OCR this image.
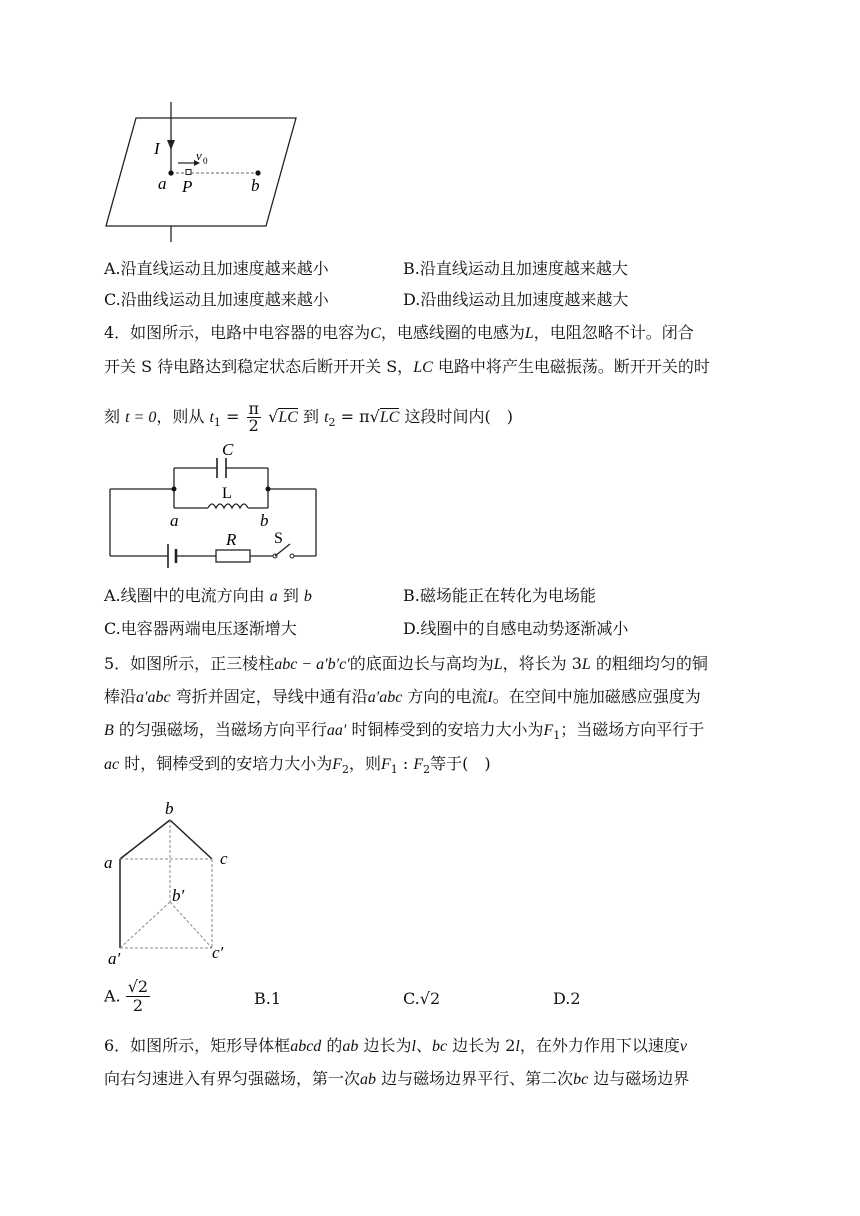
I	v 0
a P	b
A.沿直线运动且加速度越来越小	B.沿直线运动且加速度越来越大
C.沿曲线运动且加速度越来越小	D.沿曲线运动且加速度越来越大
4．如图所示，电路中电容器的电容为C，电感线圈的电感为L，电阻忽略不计。闭合
开关 S 待电路达到稳定状态后断开开关 S，LC 电路中将产生电磁振荡。断开开关的时
刻 t = 0，则从 $t_1 = \frac{\pi}{2} √LC$ 到 $t_2 = \pi√LC$ 这段时间内(　)
C
L
a	b
R S
A.线圈中的电流方向由 a 到 b	B.磁场能正在转化为电场能
C.电容器两端电压逐渐增大	D.线圈中的自感电动势逐渐减小
5．如图所示，正三棱柱abc − a′b′c′的底面边长与高均为L，将长为 3L 的粗细均匀的铜
棒沿a′abc 弯折并固定，导线中通有沿a′abc 方向的电流I。在空间中施加磁感应强度为
B 的匀强磁场，当磁场方向平行aa′ 时铜棒受到的安培力大小为$F_1$；当磁场方向平行于
ac 时，铜棒受到的安培力大小为$F_2$，则$F_1$ : $F_2$等于(　)
b
a	c
b′
a′	c′
A. $\frac{√2}{2}$	B.1	C.√2	D.2
6．如图所示，矩形导体框abcd 的ab 边长为l、bc 边长为 2l，在外力作用下以速度v
向右匀速进入有界匀强磁场，第一次ab 边与磁场边界平行、第二次bc 边与磁场边界
